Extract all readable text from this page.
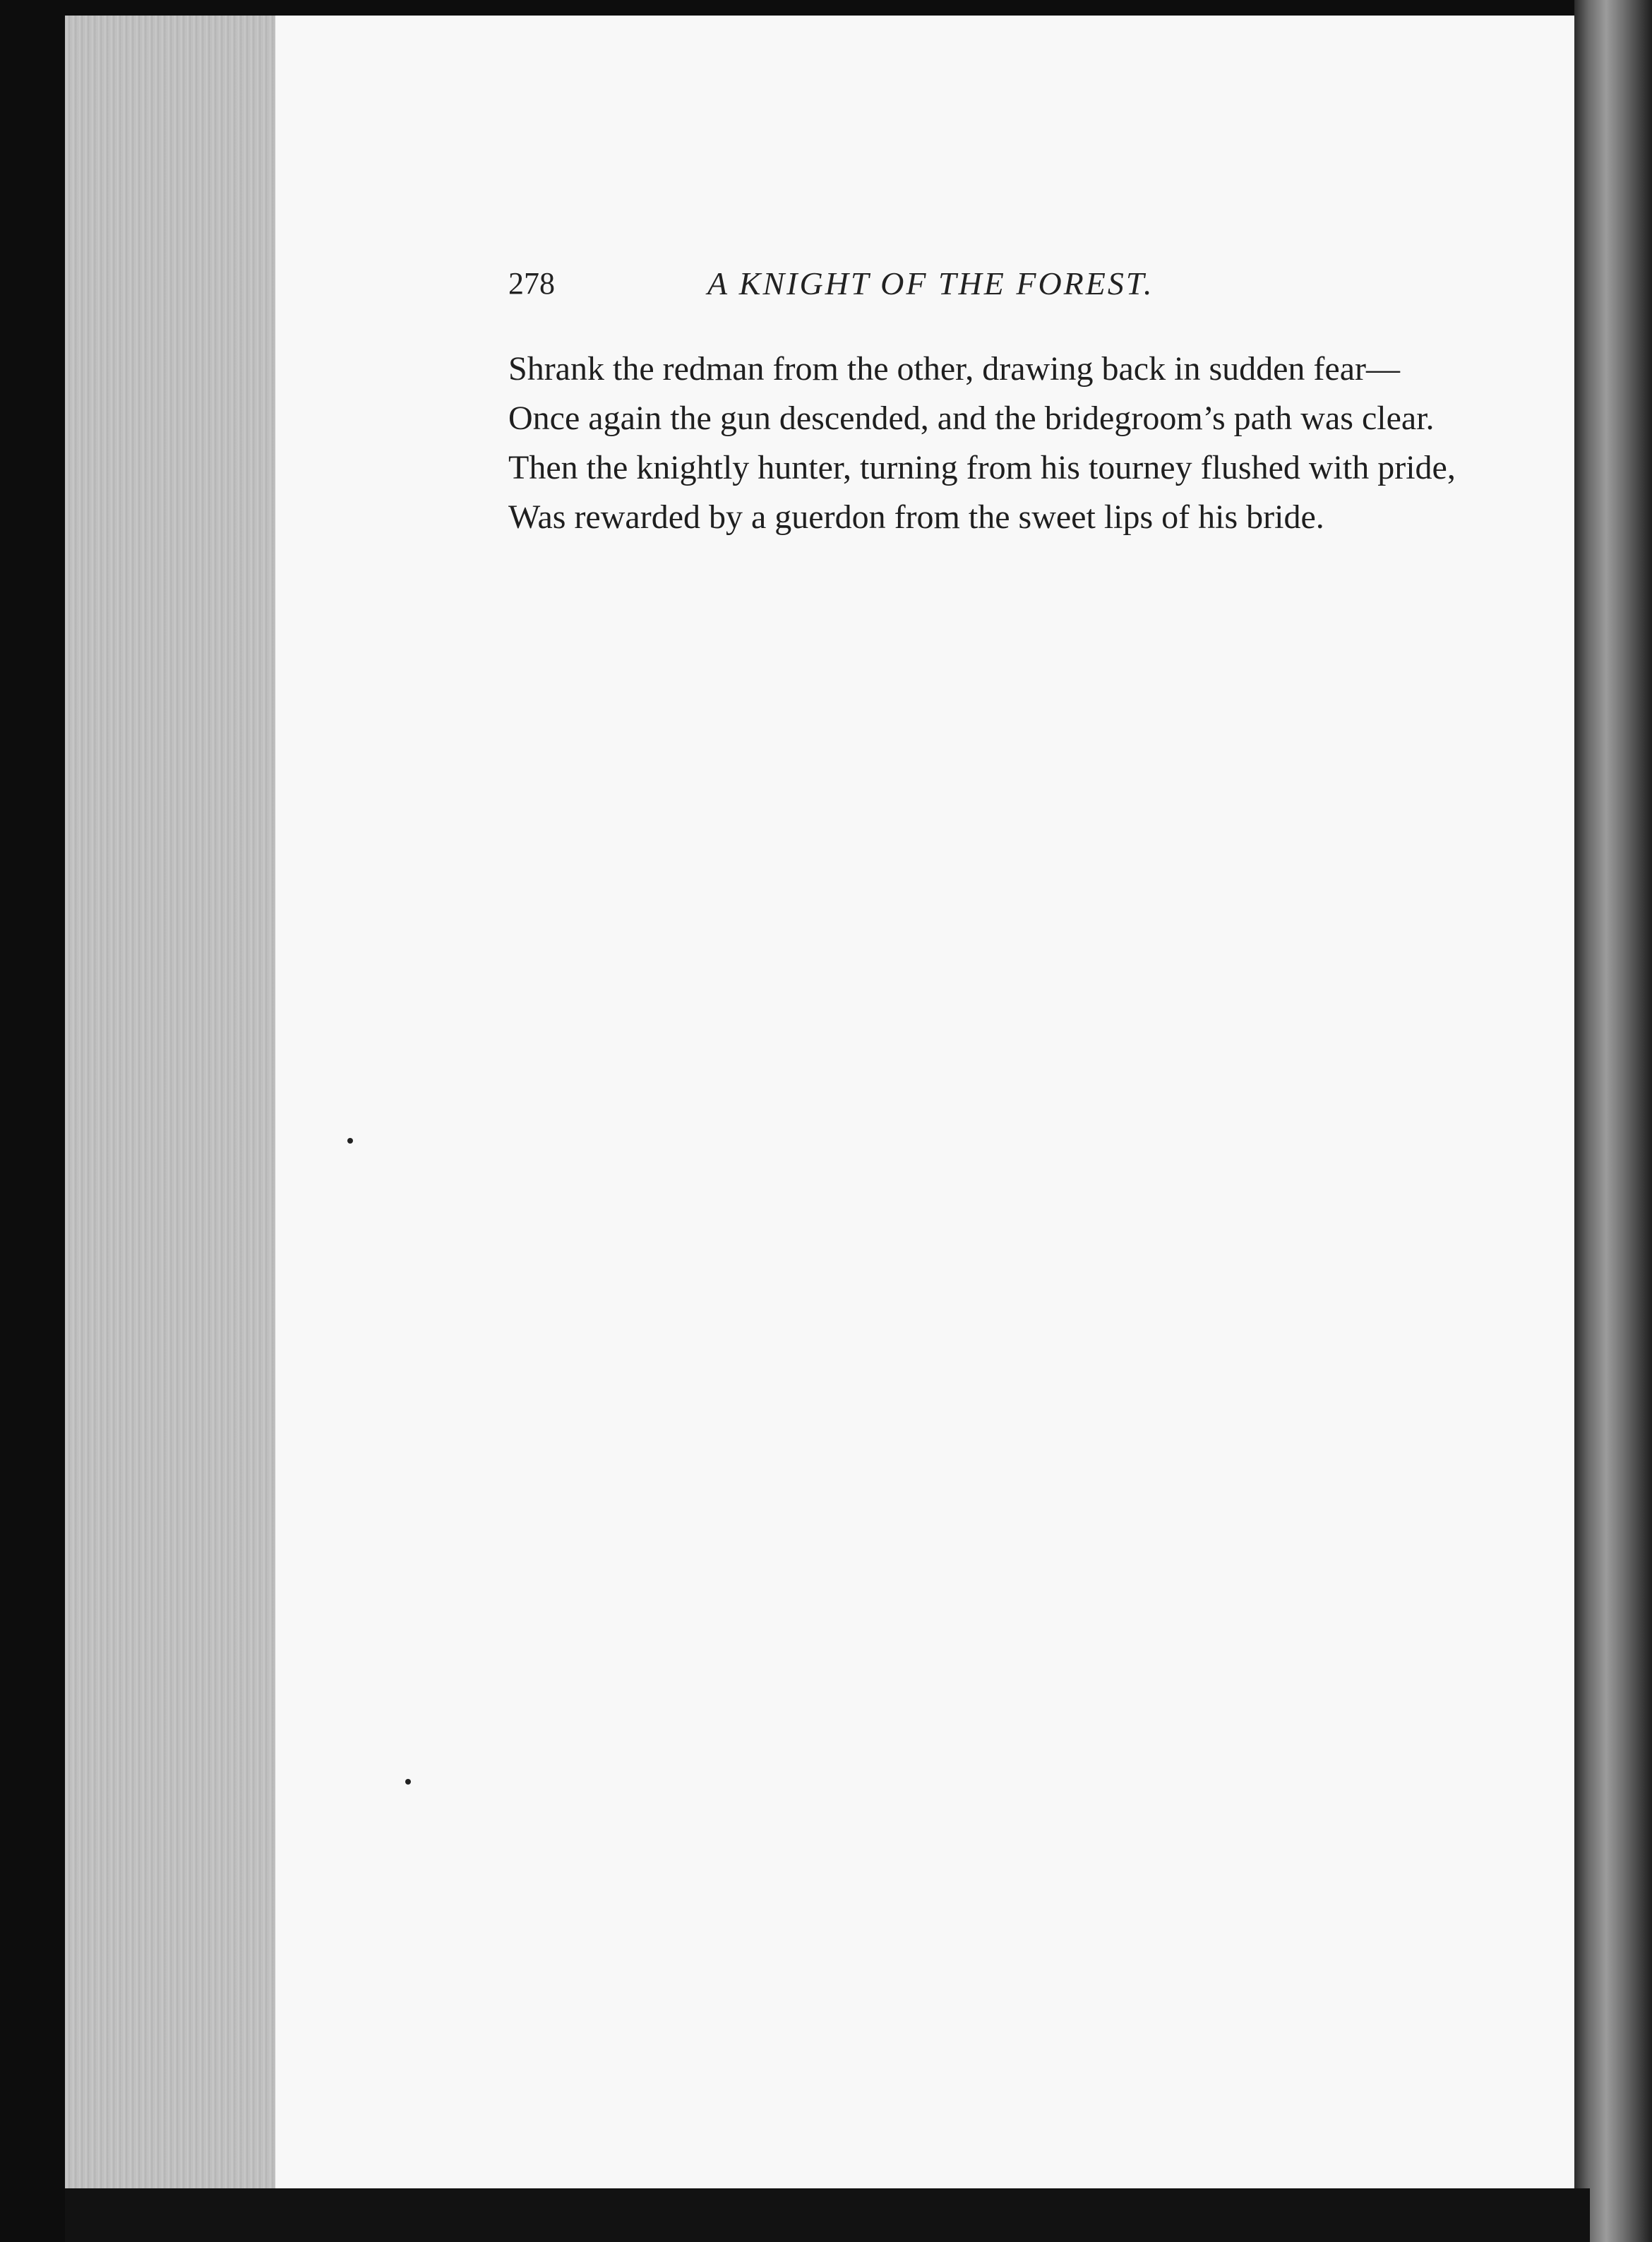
278	A KNIGHT OF THE FOREST.

Shrank the redman from the other, drawing back in sudden fear—

Once again the gun descended, and the bridegroom’s path was clear.

Then the knightly hunter, turning from his tourney flushed with pride,

Was rewarded by a guerdon from the sweet lips of his bride.
